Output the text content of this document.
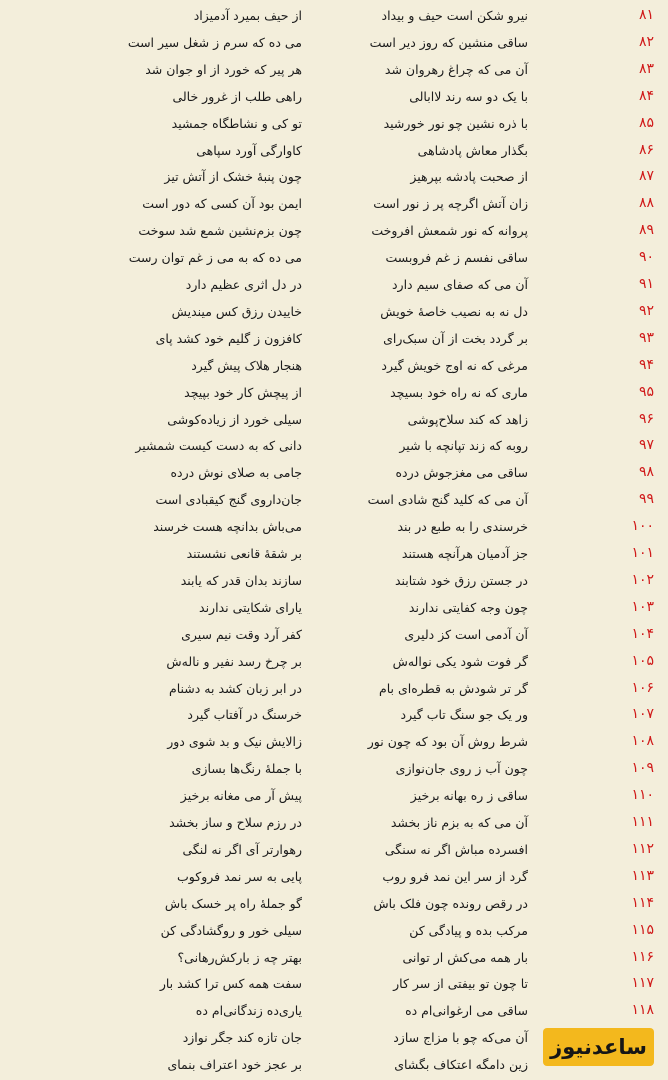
۸۱
نیرو شکن است حیف و بیداد
از حیف بمیرد آدمیزاد
۸۲
ساقی منشین که روز دیر است
می ده که سرم ز شغل سیر است
۸۳
آن می که چراغ رهروان شد
هر پیر که خورد از او جوان شد
۸۴
با یک دو سه رند لاابالی
راهی طلب از غرور خالی
۸۵
با ذره نشین چو نور خورشید
تو کی و نشاطگاه جمشید
۸۶
بگذار معاش پادشاهی
کاوارگی آورد سپاهی
۸۷
از صحبت پادشه بپرهیز
چون پنبهٔ خشک از آتش تیز
۸۸
زان آتش اگرچه پر ز نور است
ایمن بود آن کسی که دور است
۸۹
پروانه که نور شمعش افروخت
چون بزم‌نشین شمع شد سوخت
۹۰
ساقی نفسم ز غم فروبست
می ده که به می ز غم توان رست
۹۱
آن می که صفای سیم دارد
در دل اثری عظیم دارد
۹۲
دل نه به نصیب خاصهٔ خویش
خاییدن رزق کس میندیش
۹۳
بر گردد بخت از آن سبک‌رای
کافزون ز گلیم خود کشد پای
۹۴
مرغی که نه اوج خویش گیرد
هنجار هلاک پیش گیرد
۹۵
ماری که نه راه خود بسیچد
از پیچش کار خود بپیچد
۹۶
زاهد که کند سلاح‌پوشی
سیلی خورد از زیاده‌کوشی
۹۷
روبه که زند تپانچه با شیر
دانی که به دست کیست شمشیر
۹۸
ساقی می مغزجوش درده
جامی به صلای نوش درده
۹۹
آن می که کلید گنج شادی است
جان‌داروی گنج کیقبادی است
۱۰۰
خرسندی را به طبع در بند
می‌باش بدانچه هست خرسند
۱۰۱
جز آدمیان هرآنچه هستند
بر شقهٔ قانعی نشستند
۱۰۲
در جستن رزق خود شتابند
سازند بدان قدر که یابند
۱۰۳
چون وجه کفایتی ندارند
یارای شکایتی ندارند
۱۰۴
آن آدمی است کز دلیری
کفر آرد وقت نیم سیری
۱۰۵
گر فوت شود یکی نواله‌ش
بر چرخ رسد نفیر و ناله‌ش
۱۰۶
گر تر شودش به قطره‌ای بام
در ابر زبان کشد به دشنام
۱۰۷
ور یک جو سنگ تاب گیرد
خرسنگ در آفتاب گیرد
۱۰۸
شرط روش آن بود که چون نور
زالایش نیک و بد شوی دور
۱۰۹
چون آب ز روی جان‌نوازی
با جملهٔ رنگ‌ها بسازی
۱۱۰
ساقی ز ره بهانه برخیز
پیش آر می مغانه برخیز
۱۱۱
آن می که به بزم ناز بخشد
در رزم سلاح و ساز بخشد
۱۱۲
افسرده مباش اگر نه سنگی
رهوارتر آی اگر نه لنگی
۱۱۳
گرد از سر این نمد فرو روب
پایی به سر نمد فروکوب
۱۱۴
در رقص رونده چون فلک باش
گو جملهٔ راه پر خسک باش
۱۱۵
مرکب بده و پیادگی کن
سیلی خور و روگشادگی کن
۱۱۶
بار همه می‌کش ار توانی
بهتر چه ز بارکش‌رهانی؟
۱۱۷
تا چون تو بیفتی از سر کار
سفت همه کس ترا کشد بار
۱۱۸
ساقی می ارغوانی‌ام ده
یاری‌ده زندگانی‌ام ده
آن می‌که چو با مزاج سازد
جان تازه کند جگر نوازد
زین دامگه اعتکاف بگشای
بر عجز خود اعتراف بنمای
ساعدنیوز
